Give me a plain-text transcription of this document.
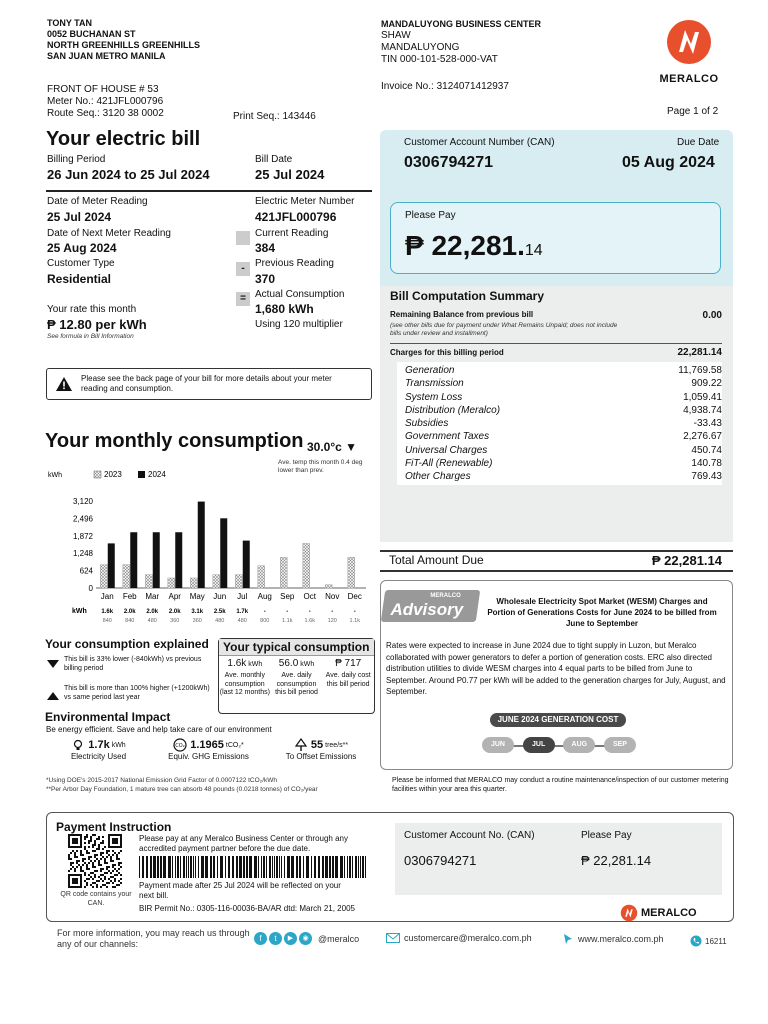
TONY TAN
0052 BUCHANAN ST
NORTH GREENHILLS GREENHILLS
SAN JUAN METRO MANILA
FRONT OF HOUSE # 53
Meter No.: 421JFL000796
Route Seq.: 3120 38 0002	Print Seq.: 143446
MANDALUYONG BUSINESS CENTER
SHAW
MANDALUYONG
TIN 000-101-528-000-VAT
Invoice No.: 3124071412937
MERALCO
Page 1 of 2
Your electric bill
Billing Period
26 Jun 2024 to 25 Jul 2024
Bill Date
25 Jul 2024
Date of Meter Reading
25 Jul 2024
Date of Next Meter Reading
25 Aug 2024
Customer Type
Residential
Your rate this month
₱ 12.80 per kWh
See formula in Bill Information
Electric Meter Number
421JFL000796
Current Reading
384
-	Previous Reading
370
= Actual Consumption
1,680 kWh
Using 120 multiplier
Please see the back page of your bill for more details about your meter reading and consumption.
Customer Account Number (CAN)
0306794271
Due Date
05 Aug 2024
Please Pay
₱ 22,281.14
Bill Computation Summary
Remaining Balance from previous bill	0.00
(see other bills due for payment under What Remains Unpaid; does not include bills under review and installment)
Charges for this billing period	22,281.14
Generation	11,769.58
Transmission	909.22
System Loss	1,059.41
Distribution (Meralco)	4,938.74
Subsidies	-33.43
Government Taxes	2,276.67
Universal Charges	450.74
FiT-All (Renewable)	140.78
Other Charges	769.43
Total Amount Due	₱ 22,281.14
Your monthly consumption 30.0°c ▼
Ave. temp this month 0.4 deg lower than prev.
kWh	2023	2024
0
624
1,248
1,872
2,496
3,120
Jan
1.6k
840
Feb
2.0k
840
Mar
2.0k
480
Apr
2.0k
360
May
3.1k
360
Jun
2.5k
480
Jul
1.7k
480
Aug
-
800
Sep
-
1.1k
Oct
-
1.6k
Nov
-
120
Dec
-
1.1k
kWh
Your consumption explained
This bill is 33% lower (-840kWh) vs previous billing period
This bill is more than 100% higher (+1200kWh) vs same period last year
Your typical consumption
1.6k kWh
Ave. monthly consumption (last 12 months)
56.0 kWh
Ave. daily consumption this bill period
₱ 717
Ave. daily cost this bill period
Environmental Impact
Be energy efficient. Save and help take care of our environment
1.7k kWh
Electricity Used
CO₂ 1.1965 tCO₂*
Equiv. GHG Emissions
55 tree/s**
To Offset Emissions
*Using DOE's 2015-2017 National Emission Grid Factor of 0.0007122 tCO₂/kWh
**Per Arbor Day Foundation, 1 mature tree can absorb 48 pounds (0.0218 tonnes) of CO₂/year
MERALCO
Advisory	Wholesale Electricity Spot Market (WESM) Charges and Portion of Generations Costs for June 2024 to be billed from June to September
Rates were expected to increase in June 2024 due to tight supply in Luzon, but Meralco collaborated with power generators to defer a portion of generation costs. ERC also directed distribution utilities to divide WESM charges into 4 equal parts to be billed from June to September. Around P0.77 per kWh will be added to the generation charges for July, August, and September.
JUNE 2024 GENERATION COST
JUN	JUL	AUG	SEP
Please be informed that MERALCO may conduct a routine maintenance/inspection of our customer metering facilities within your area this quarter.
Payment Instruction
QR code contains your CAN.
Please pay at any Meralco Business Center or through any accredited payment partner before the due date.
Payment made after 25 Jul 2024 will be reflected on your next bill.
BIR Permit No.: 0305-116-00036-BA/AR dtd: March 21, 2005
Customer Account No. (CAN)
0306794271
Please Pay
₱ 22,281.14
MERALCO
For more information, you may reach us through any of our channels:
f	t	▶	◉	@meralco	customercare@meralco.com.ph	www.meralco.com.ph	16211
